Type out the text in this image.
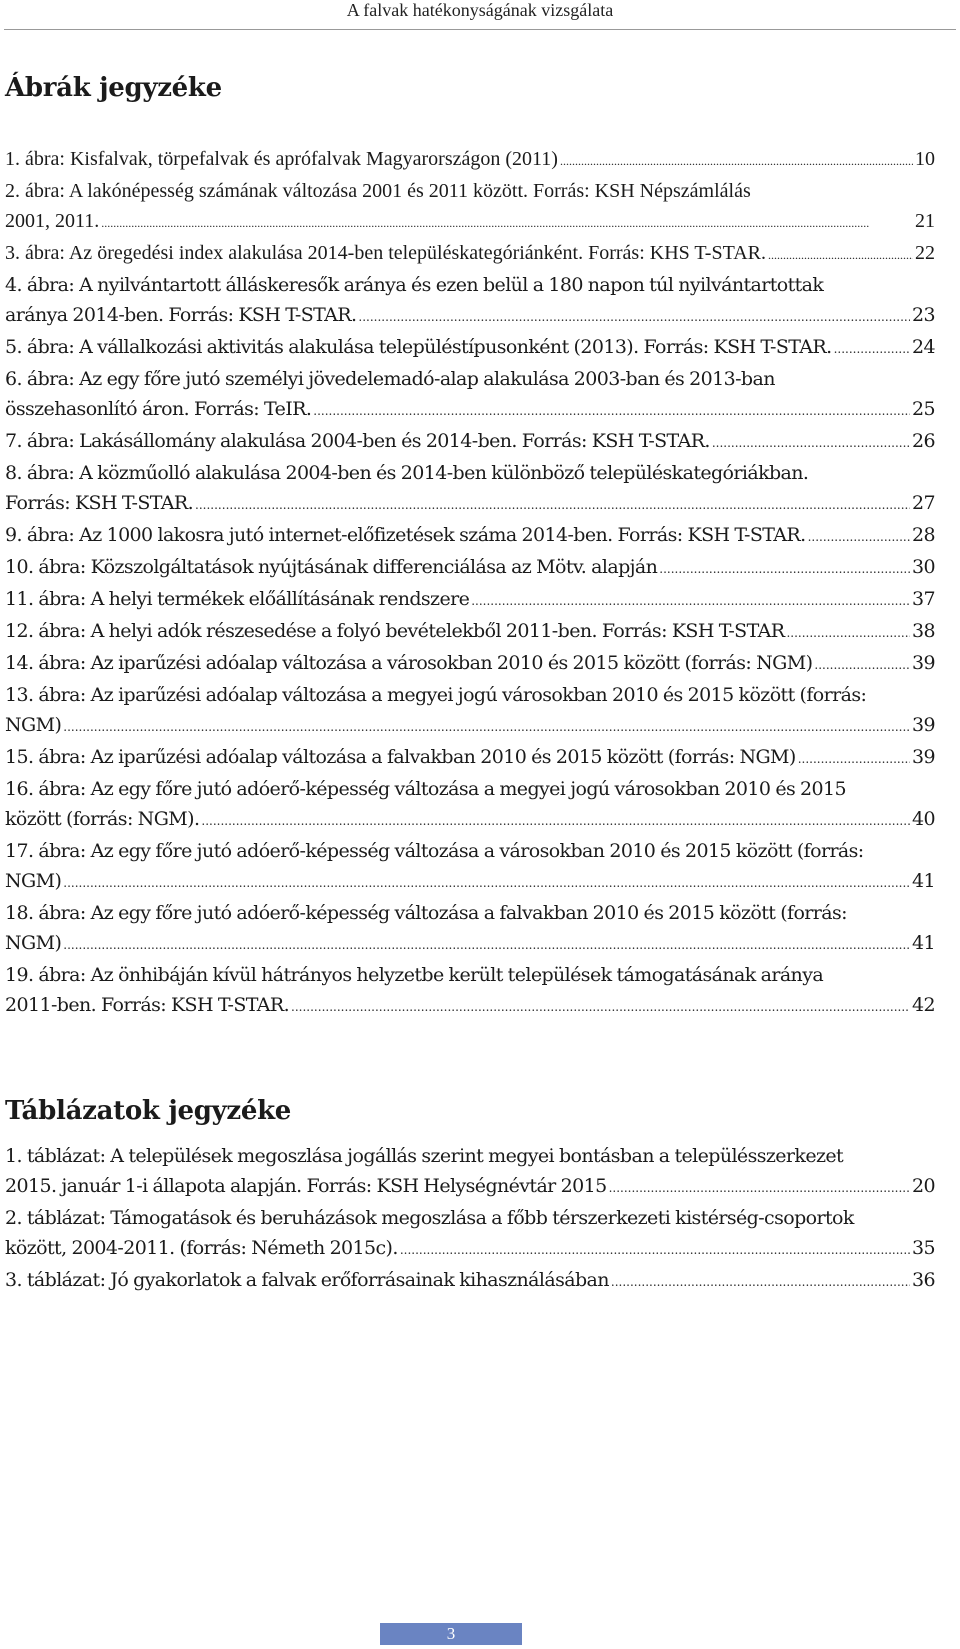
A falvak hatékonyságának vizsgálata
Ábrák jegyzéke
1. ábra: Kisfalvak, törpefalvak és aprófalvak Magyarországon (2011) .....	10
2. ábra: A lakónépesség számának változása 2001 és 2011 között. Forrás: KSH Népszámlálás
2001, 2011. .....	21
3. ábra: Az öregedési index alakulása 2014-ben településkategóriánként. Forrás: KHS T-STAR. .....	22
4. ábra: A nyilvántartott álláskeresők aránya és ezen belül a 180 napon túl nyilvántartottak
aránya 2014-ben. Forrás: KSH T-STAR. .....	23
5. ábra: A vállalkozási aktivitás alakulása településtípusonként (2013). Forrás: KSH T-STAR. .....	24
6. ábra: Az egy főre jutó személyi jövedelemadó-alap alakulása 2003-ban és 2013-ban
összehasonlító áron. Forrás: TeIR. .....	25
7. ábra: Lakásállomány alakulása 2004-ben és 2014-ben. Forrás: KSH T-STAR. .....	26
8. ábra: A közműolló alakulása 2004-ben és 2014-ben különböző településkategóriákban.
Forrás: KSH T-STAR. .....	27
9. ábra: Az 1000 lakosra jutó internet-előfizetések száma 2014-ben. Forrás: KSH T-STAR. .....	28
10. ábra: Közszolgáltatások nyújtásának differenciálása az Mötv. alapján .....	30
11. ábra: A helyi termékek előállításának rendszere .....	37
12. ábra: A helyi adók részesedése a folyó bevételekből 2011-ben. Forrás: KSH T-STAR .....	38
14. ábra: Az iparűzési adóalap változása a városokban 2010 és 2015 között (forrás: NGM) .....	39
13. ábra: Az iparűzési adóalap változása a megyei jogú városokban 2010 és 2015 között (forrás:
NGM) .....	39
15. ábra: Az iparűzési adóalap változása a falvakban 2010 és 2015 között (forrás: NGM) .....	39
16. ábra: Az egy főre jutó adóerő-képesség változása a megyei jogú városokban 2010 és 2015
között (forrás: NGM). .....	40
17. ábra: Az egy főre jutó adóerő-képesség változása a városokban 2010 és 2015 között (forrás:
NGM) .....	41
18. ábra: Az egy főre jutó adóerő-képesség változása a falvakban 2010 és 2015 között (forrás:
NGM) .....	41
19. ábra: Az önhibáján kívül hátrányos helyzetbe került települések támogatásának aránya
2011-ben. Forrás: KSH T-STAR. .....	42
Táblázatok jegyzéke
1. táblázat: A települések megoszlása jogállás szerint megyei bontásban a településszerkezet
2015. január 1-i állapota alapján. Forrás: KSH Helységnévtár 2015 .....	20
2. táblázat: Támogatások és beruházások megoszlása a főbb térszerkezeti kistérség-csoportok
között, 2004-2011. (forrás: Németh 2015c). .....	35
3. táblázat: Jó gyakorlatok a falvak erőforrásainak kihasználásában .....	36
3
